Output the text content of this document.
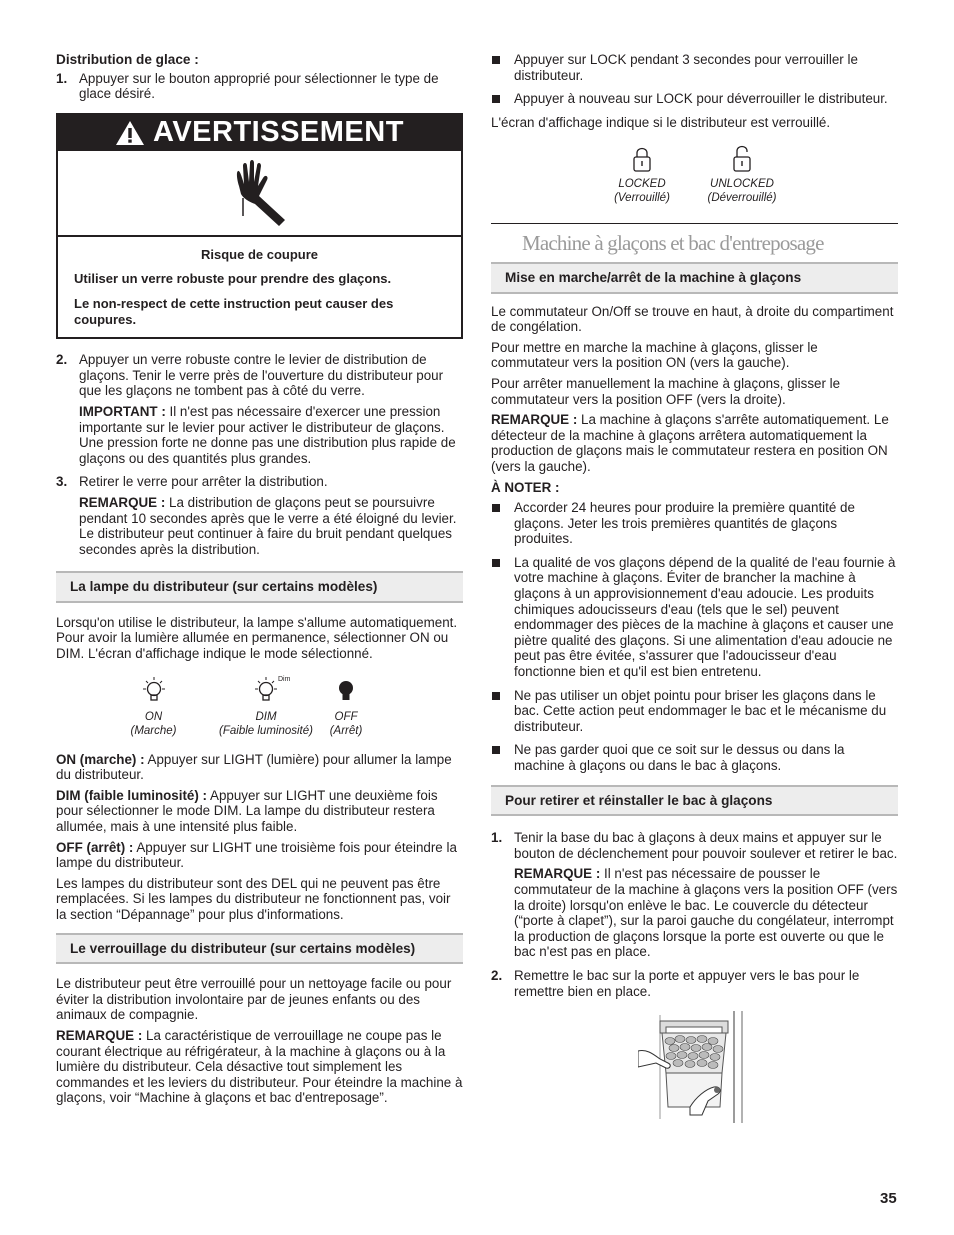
Distribution de glace :

1. Appuyer sur le bouton approprié pour sélectionner le type de glace désiré.

AVERTISSEMENT

Risque de coupure

Utiliser un verre robuste pour prendre des glaçons.

Le non-respect de cette instruction peut causer des coupures.

2. Appuyer un verre robuste contre le levier de distribution de glaçons. Tenir le verre près de l'ouverture du distributeur pour que les glaçons ne tombent pas à côté du verre.

IMPORTANT : Il n'est pas nécessaire d'exercer une pression importante sur le levier pour activer le distributeur de glaçons. Une pression forte ne donne pas une distribution plus rapide de glaçons ou des quantités plus grandes.

3. Retirer le verre pour arrêter la distribution.

REMARQUE : La distribution de glaçons peut se poursuivre pendant 10 secondes après que le verre a été éloigné du levier. Le distributeur peut continuer à faire du bruit pendant quelques secondes après la distribution.

La lampe du distributeur (sur certains modèles)

Lorsqu'on utilise le distributeur, la lampe s'allume automatiquement. Pour avoir la lumière allumée en permanence, sélectionner ON ou DIM. L'écran d'affichage indique le mode sélectionné.

ON
(Marche)
Dim
DIM
(Faible luminosité)
OFF
(Arrêt)

ON (marche) : Appuyer sur LIGHT (lumière) pour allumer la lampe du distributeur.

DIM (faible luminosité) : Appuyer sur LIGHT une deuxième fois pour sélectionner le mode DIM. La lampe du distributeur restera allumée, mais à une intensité plus faible.

OFF (arrêt) : Appuyer sur LIGHT une troisième fois pour éteindre la lampe du distributeur.

Les lampes du distributeur sont des DEL qui ne peuvent pas être remplacées. Si les lampes du distributeur ne fonctionnent pas, voir la section “Dépannage” pour plus d'informations.

Le verrouillage du distributeur (sur certains modèles)

Le distributeur peut être verrouillé pour un nettoyage facile ou pour éviter la distribution involontaire par de jeunes enfants ou des animaux de compagnie.

REMARQUE : La caractéristique de verrouillage ne coupe pas le courant électrique au réfrigérateur, à la machine à glaçons ou à la lumière du distributeur. Cela désactive tout simplement les commandes et les leviers du distributeur. Pour éteindre la machine à glaçons, voir “Machine à glaçons et bac d'entreposage”.

Appuyer sur LOCK pendant 3 secondes pour verrouiller le distributeur.

Appuyer à nouveau sur LOCK pour déverrouiller le distributeur.

L'écran d'affichage indique si le distributeur est verrouillé.

LOCKED
(Verrouillé)
UNLOCKED
(Déverrouillé)
Machine à glaçons et bac d'entreposage
Mise en marche/arrêt de la machine à glaçons

Le commutateur On/Off se trouve en haut, à droite du compartiment de congélation.

Pour mettre en marche la machine à glaçons, glisser le commutateur vers la position ON (vers la gauche).

Pour arrêter manuellement la machine à glaçons, glisser le commutateur vers la position OFF (vers la droite).

REMARQUE : La machine à glaçons s'arrête automatiquement. Le détecteur de la machine à glaçons arrêtera automatiquement la production de glaçons mais le commutateur restera en position ON (vers la gauche).

À NOTER :

Accorder 24 heures pour produire la première quantité de glaçons. Jeter les trois premières quantités de glaçons produites.

La qualité de vos glaçons dépend de la qualité de l'eau fournie à votre machine à glaçons. Éviter de brancher la machine à glaçons à un approvisionnement d'eau adoucie. Les produits chimiques adoucisseurs d'eau (tels que le sel) peuvent endommager des pièces de la machine à glaçons et causer une piètre qualité des glaçons. Si une alimentation d'eau adoucie ne peut pas être évitée, s'assurer que l'adoucisseur d'eau fonctionne bien et qu'il est bien entretenu.

Ne pas utiliser un objet pointu pour briser les glaçons dans le bac. Cette action peut endommager le bac et le mécanisme du distributeur.

Ne pas garder quoi que ce soit sur le dessus ou dans la machine à glaçons ou dans le bac à glaçons.

Pour retirer et réinstaller le bac à glaçons

1. Tenir la base du bac à glaçons à deux mains et appuyer sur le bouton de déclenchement pour pouvoir soulever et retirer le bac.

REMARQUE : Il n'est pas nécessaire de pousser le commutateur de la machine à glaçons vers la position OFF (vers la droite) lorsqu'on enlève le bac. Le couvercle du détecteur (“porte à clapet”), sur la paroi gauche du congélateur, interrompt la production de glaçons lorsque la porte est ouverte ou que le bac n'est pas en place.

2. Remettre le bac sur la porte et appuyer vers le bas pour le remettre bien en place.

35
